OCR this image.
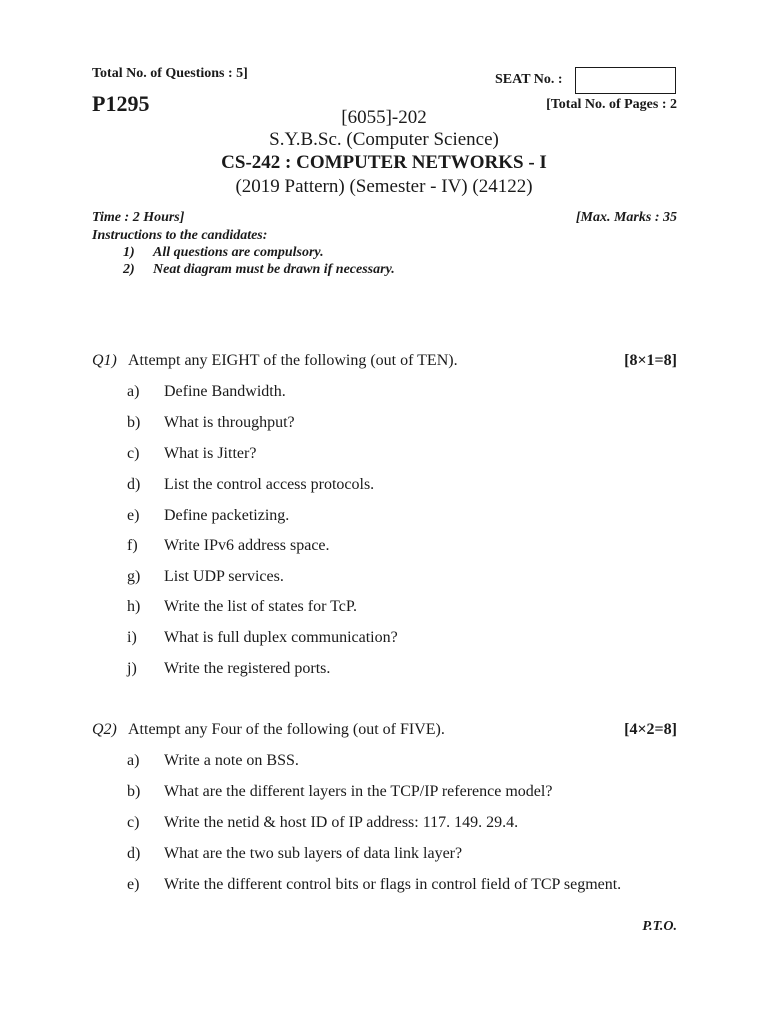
Total No. of Questions : 5]
P1295
SEAT No. :
[Total No. of Pages : 2
[6055]-202
S.Y.B.Sc. (Computer Science)
CS-242 : COMPUTER NETWORKS - I
(2019 Pattern) (Semester - IV) (24122)
Time : 2 Hours]	[Max. Marks : 35
Instructions to the candidates:
1) All questions are compulsory.
2) Neat diagram must be drawn if necessary.
Q1) Attempt any EIGHT of the following (out of TEN).	[8×1=8]
a) Define Bandwidth.
b) What is throughput?
c) What is Jitter?
d) List the control access protocols.
e) Define packetizing.
f) Write IPv6 address space.
g) List UDP services.
h) Write the list of states for TcP.
i) What is full duplex communication?
j) Write the registered ports.
Q2) Attempt any Four of the following (out of FIVE).	[4×2=8]
a) Write a note on BSS.
b) What are the different layers in the TCP/IP reference model?
c) Write the netid & host ID of IP address: 117. 149. 29.4.
d) What are the two sub layers of data link layer?
e) Write the different control bits or flags in control field of TCP segment.
P.T.O.
